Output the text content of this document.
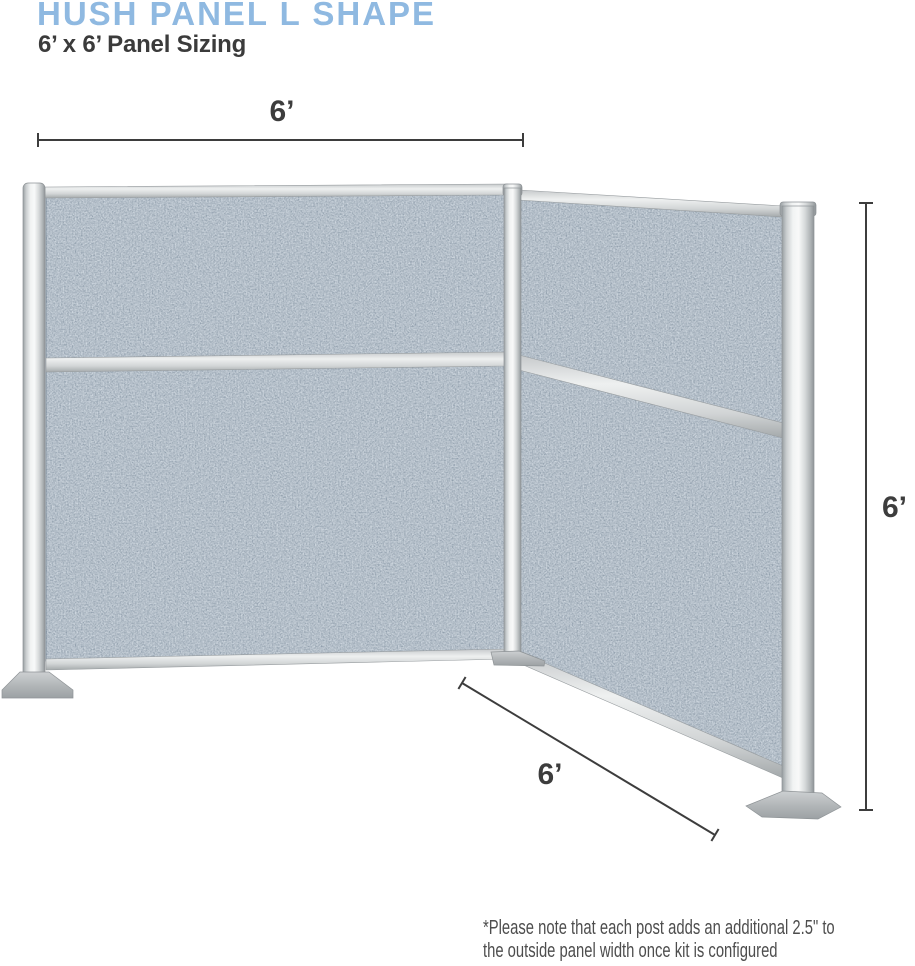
HUSH PANEL L SHAPE
6’ x 6’ Panel Sizing
6’
6’
6’
*Please note that each post adds an additional 2.5" to
the outside panel width once kit is configured
